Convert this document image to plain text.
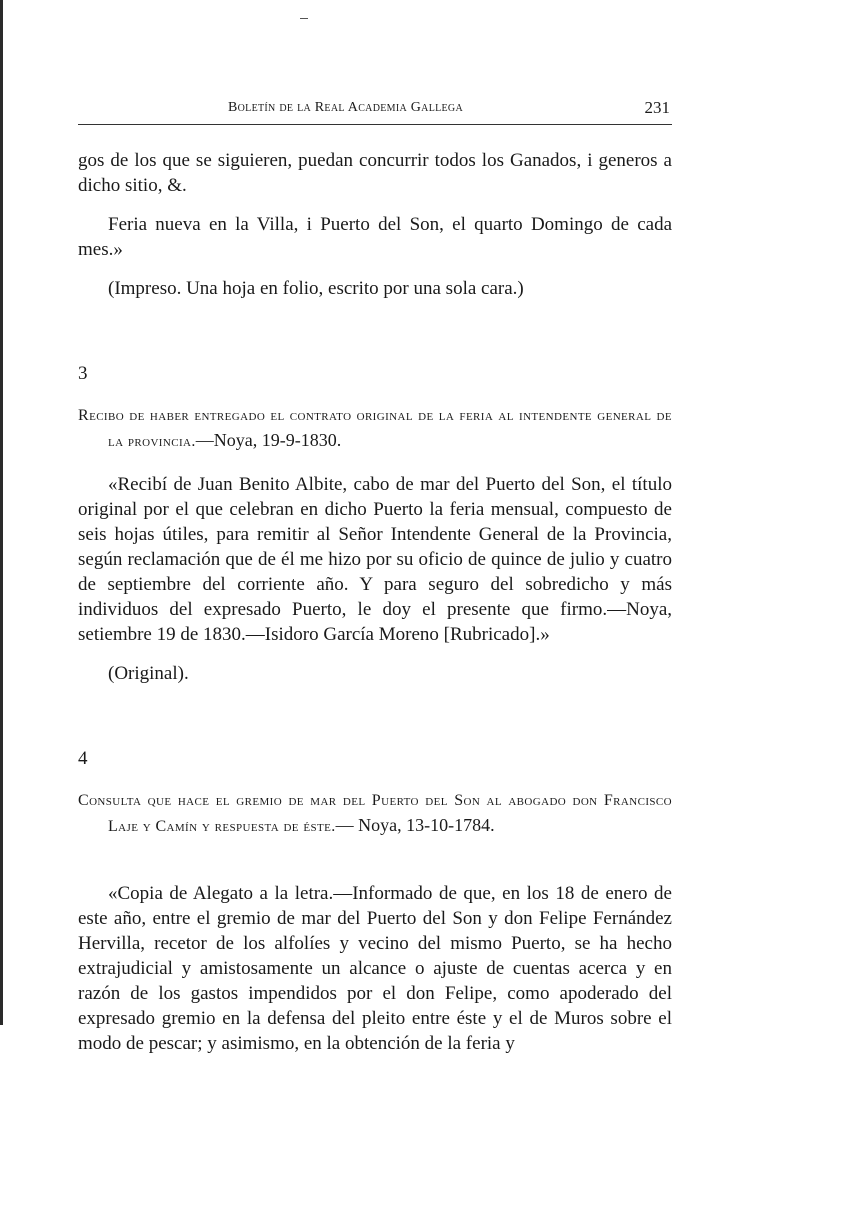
Boletín de la Real Academia Gallega	231

gos de los que se siguieren, puedan concurrir todos los Ganados, i generos a dicho sitio, &.

Feria nueva en la Villa, i Puerto del Son, el quarto Domingo de cada mes.»

(Impreso. Una hoja en folio, escrito por una sola cara.)

3

Recibo de haber entregado el contrato original de la feria al intendente general de la provincia.—Noya, 19-9-1830.

«Recibí de Juan Benito Albite, cabo de mar del Puerto del Son, el título original por el que celebran en dicho Puerto la feria mensual, compuesto de seis hojas útiles, para remitir al Señor Intendente General de la Provincia, según reclamación que de él me hizo por su oficio de quince de julio y cuatro de septiembre del corriente año. Y para seguro del sobredicho y más individuos del expresado Puerto, le doy el presente que firmo.—Noya, setiembre 19 de 1830.—Isidoro García Moreno [Rubricado].»

(Original).

4

Consulta que hace el gremio de mar del Puerto del Son al abogado don Francisco Laje y Camín y respuesta de éste.— Noya, 13-10-1784.

«Copia de Alegato a la letra.—Informado de que, en los 18 de enero de este año, entre el gremio de mar del Puerto del Son y don Felipe Fernández Hervilla, recetor de los alfolíes y vecino del mismo Puerto, se ha hecho extrajudicial y amistosamente un alcance o ajuste de cuentas acerca y en razón de los gastos impendidos por el don Felipe, como apoderado del expresado gremio en la defensa del pleito entre éste y el de Muros sobre el modo de pescar; y asimismo, en la obtención de la feria y
